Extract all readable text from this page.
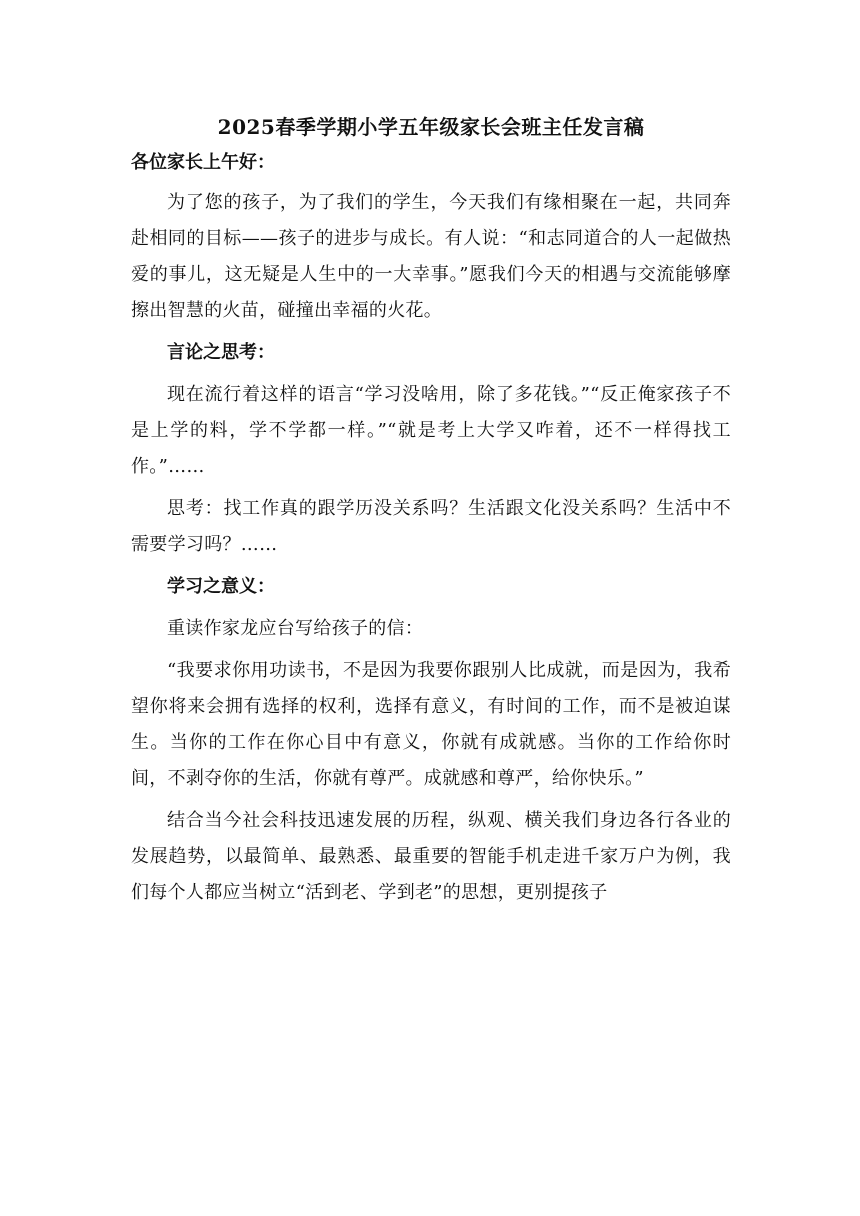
2025春季学期小学五年级家长会班主任发言稿
各位家长上午好：

为了您的孩子，为了我们的学生，今天我们有缘相聚在一起，共同奔赴相同的目标——孩子的进步与成长。有人说：“和志同道合的人一起做热爱的事儿，这无疑是人生中的一大幸事。”愿我们今天的相遇与交流能够摩擦出智慧的火苗，碰撞出幸福的火花。

言论之思考：

现在流行着这样的语言“学习没啥用，除了多花钱。”“反正俺家孩子不是上学的料，学不学都一样。”“就是考上大学又咋着，还不一样得找工作。”……

思考：找工作真的跟学历没关系吗？生活跟文化没关系吗？生活中不需要学习吗？……

学习之意义：

重读作家龙应台写给孩子的信：

“我要求你用功读书，不是因为我要你跟别人比成就，而是因为，我希望你将来会拥有选择的权利，选择有意义，有时间的工作，而不是被迫谋生。当你的工作在你心目中有意义，你就有成就感。当你的工作给你时间，不剥夺你的生活，你就有尊严。成就感和尊严，给你快乐。”

结合当今社会科技迅速发展的历程，纵观、横关我们身边各行各业的发展趋势，以最简单、最熟悉、最重要的智能手机走进千家万户为例，我们每个人都应当树立“活到老、学到老”的思想，更别提孩子
